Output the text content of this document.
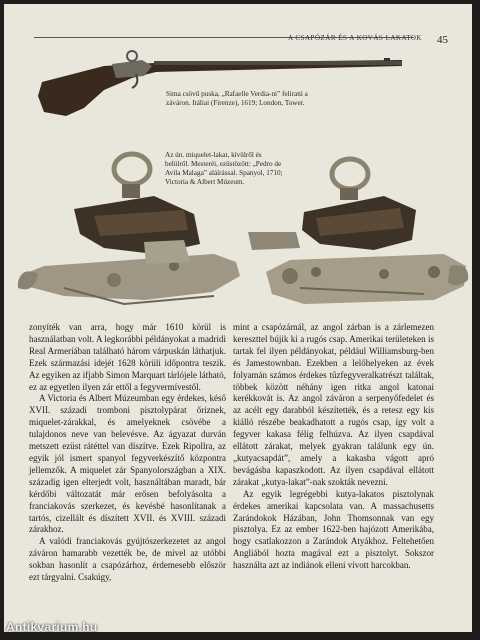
A CSAPÓZÁR ÉS A KOVÁS LAKATOK 45
Sima csövű puska, „Rafaelle Verdia-ni” feliratú a záváron. Itáliai (Firenze), 1619; London, Tower.
Az ún. miquelet-lakat, kívülről és belülről. Mesteréi, ezüstözött: „Pedro de Avila Malaga” aláírással. Spanyol, 1710; Victoria & Albert Múzeum.

zonyíték van arra, hogy már 1610 körül is használatban volt. A legkorábbi példányokat a madridi Real Armeríában található három várpuskán láthatjuk. Ezek származási idejét 1628 körüli időpontra teszik. Az egyiken az ifjabb Simon Marquart tárlójele látható, ez az egyetlen ilyen zár ettől a fegyvermívestől.

A Victoria és Albert Múzeumban egy érdekes, késő XVII. századi tromboni pisztolypárat őriznek, miquelet-zárakkal, és amelyeknek csövébe a tulajdonos neve van belevésve. Az ágyazat durván metszett ezüst rátéttel van díszítve. Ezek Ripollra, az egyik jól ismert spanyol fegyverkészítő központra jellemzők. A miquelet zár Spanyolországban a XIX. századig igen elterjedt volt, használtában maradt, bár kérdőbi változatát már erősen befolyásolta a franciakovás szerkezet, és kevésbé hasonlítanak a tartós, cizellált és díszített XVII. és XVIII. századi zárakhoz.

A valódi franciakovás gyújtószerkezetet az angol záváron hamarabb vezették be, de mivel az utóbbi sokban hasonlít a csapózárhoz, érdemesebb először ezt tárgyalni. Csakúgy,

mint a csapózárnál, az angol zárban is a zárlemezen kereszttel bújik ki a rugós csap. Amerikai területeken is tartak fel ilyen példányokat, például Williamsburg-ben és Jamestownban. Ezekben a lelőhelyeken az évek folyamán számos érdekes tűzfegyveralkatrészt találtak, többek között néhány igen ritka angol katonai kerékkovát is. Az angol záváron a serpenyőfedelet és az acélt egy darabból készítették, és a retesz egy kis kiálló részébe beakadhatott a rugós csap, így volt a fegyver kakasa félig felhúzva. Az ilyen csapdával ellátott zárakat, melyek gyakran találunk egy ún. „kutyacsapdát”, amely a kakasba vágott apró bevágásba kapaszkodott. Az ilyen csapdával ellátott zárakat „kutya-lakat”-nak szokták nevezni.

Az egyik legrégebbi kutya-lakatos pisztolynak érdekes amerikai kapcsolata van. A massachusetts Zarándokok Házában, John Thomsonnak van egy pisztolya. Ez az ember 1622-ben hajózott Amerikába, hogy csatlakozzon a Zarándok Atyákhoz. Feltehetően Angliából hozta magával ezt a pisztolyt. Sokszor használta azt az indiánok elleni vívott harcokban.

Antikvarium.hu
